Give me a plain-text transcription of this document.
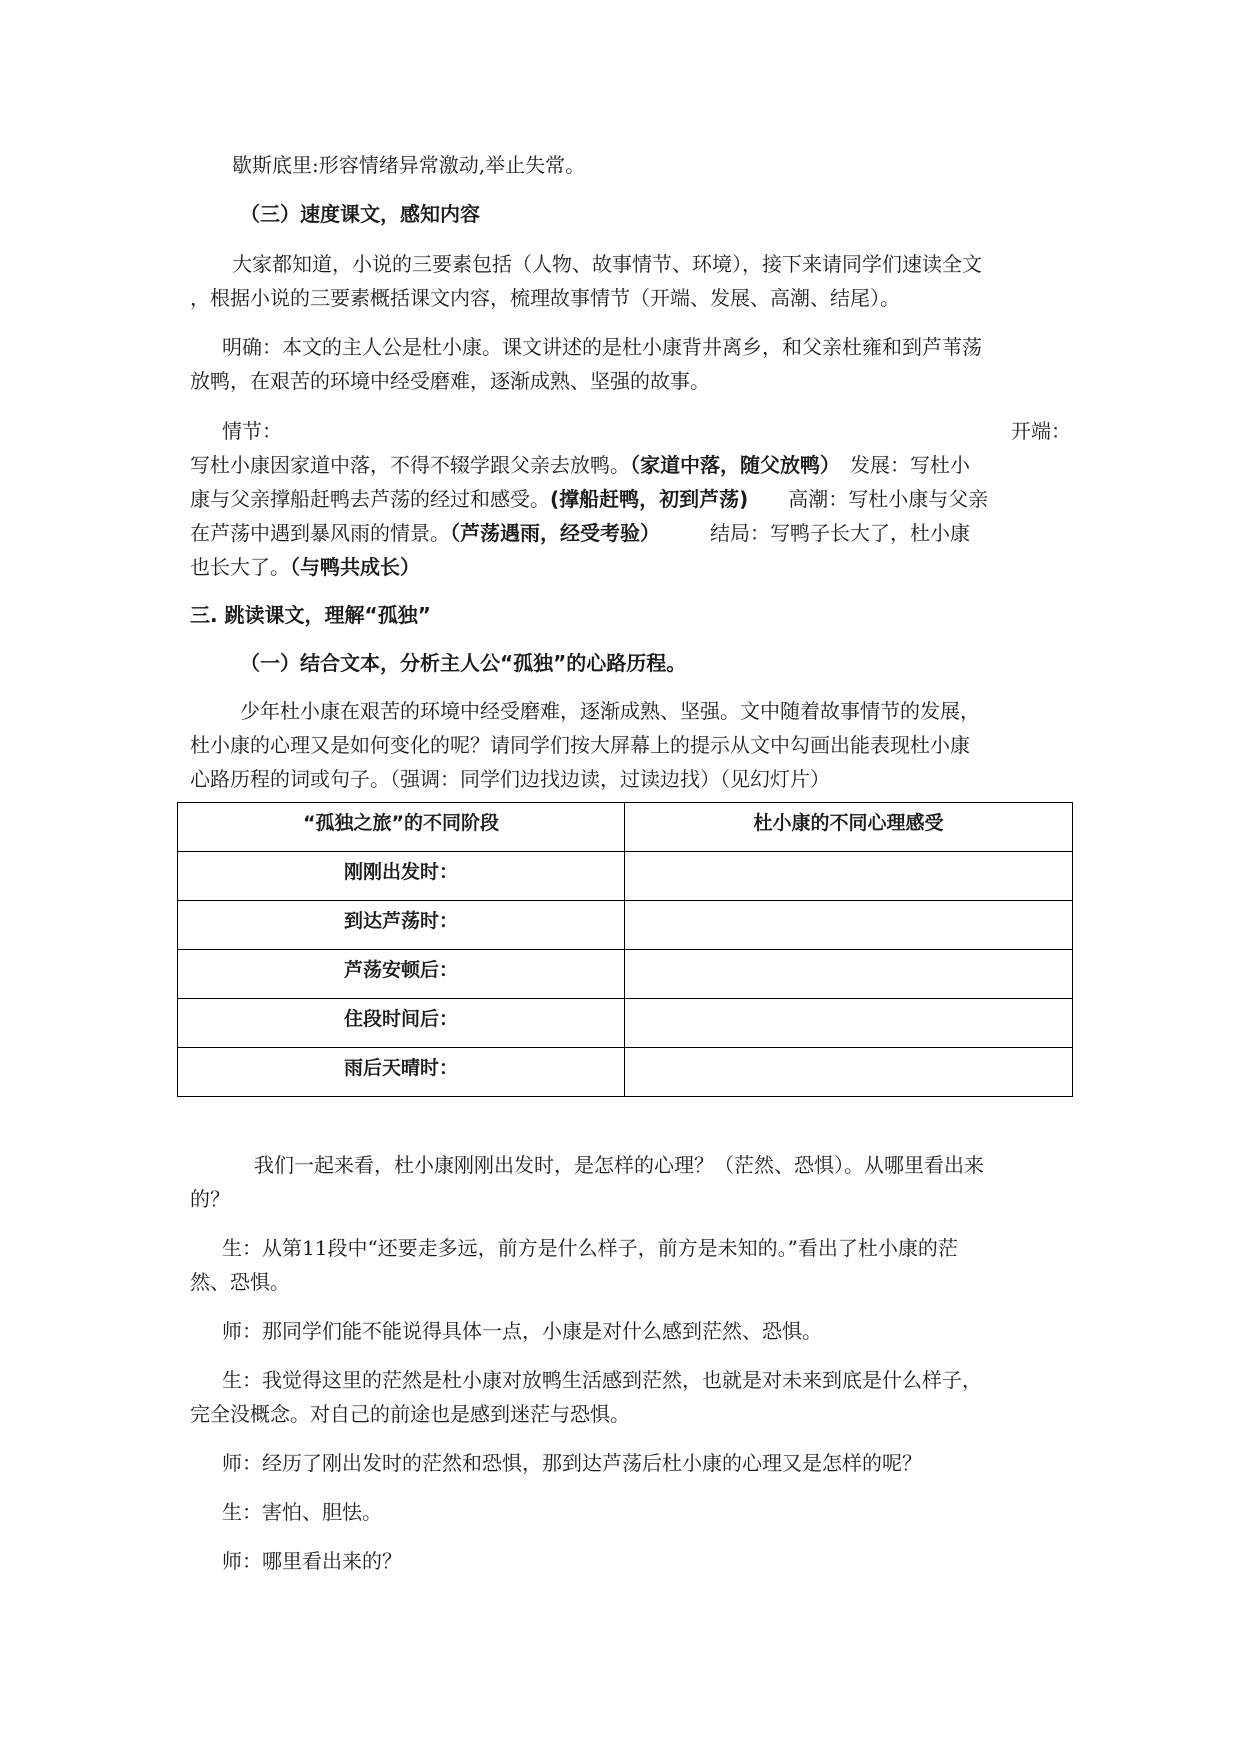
歇斯底里:形容情绪异常激动,举止失常。
（三）速度课文，感知内容
大家都知道，小说的三要素包括（人物、故事情节、环境），接下来请同学们速读全文
，根据小说的三要素概括课文内容，梳理故事情节（开端、发展、高潮、结尾）。
明确：本文的主人公是杜小康。课文讲述的是杜小康背井离乡，和父亲杜雍和到芦苇荡
放鸭，在艰苦的环境中经受磨难，逐渐成熟、坚强的故事。
情节：	开端：
写杜小康因家道中落，不得不辍学跟父亲去放鸭。（家道中落，随父放鸭）　发展：写杜小
康与父亲撑船赶鸭去芦荡的经过和感受。(撑船赶鸭，初到芦荡)　　高潮：写杜小康与父亲
在芦荡中遇到暴风雨的情景。（芦荡遇雨，经受考验）　　　结局：写鸭子长大了，杜小康
也长大了。（与鸭共成长）
三. 跳读课文，理解“孤独”
（一）结合文本，分析主人公“孤独”的心路历程。
少年杜小康在艰苦的环境中经受磨难，逐渐成熟、坚强。文中随着故事情节的发展，
杜小康的心理又是如何变化的呢？请同学们按大屏幕上的提示从文中勾画出能表现杜小康
心路历程的词或句子。（强调：同学们边找边读，过读边找）（见幻灯片）
“孤独之旅”的不同阶段	杜小康的不同心理感受
刚刚出发时：	
到达芦荡时：	
芦荡安顿后：	
住段时间后：	
雨后天晴时：	
我们一起来看，杜小康刚刚出发时，是怎样的心理？（茫然、恐惧）。从哪里看出来
的？
生：从第11段中“还要走多远，前方是什么样子，前方是未知的。”看出了杜小康的茫
然、恐惧。
师：那同学们能不能说得具体一点，小康是对什么感到茫然、恐惧。
生：我觉得这里的茫然是杜小康对放鸭生活感到茫然，也就是对未来到底是什么样子，
完全没概念。对自己的前途也是感到迷茫与恐惧。
师：经历了刚出发时的茫然和恐惧，那到达芦荡后杜小康的心理又是怎样的呢？
生：害怕、胆怯。
师：哪里看出来的？
